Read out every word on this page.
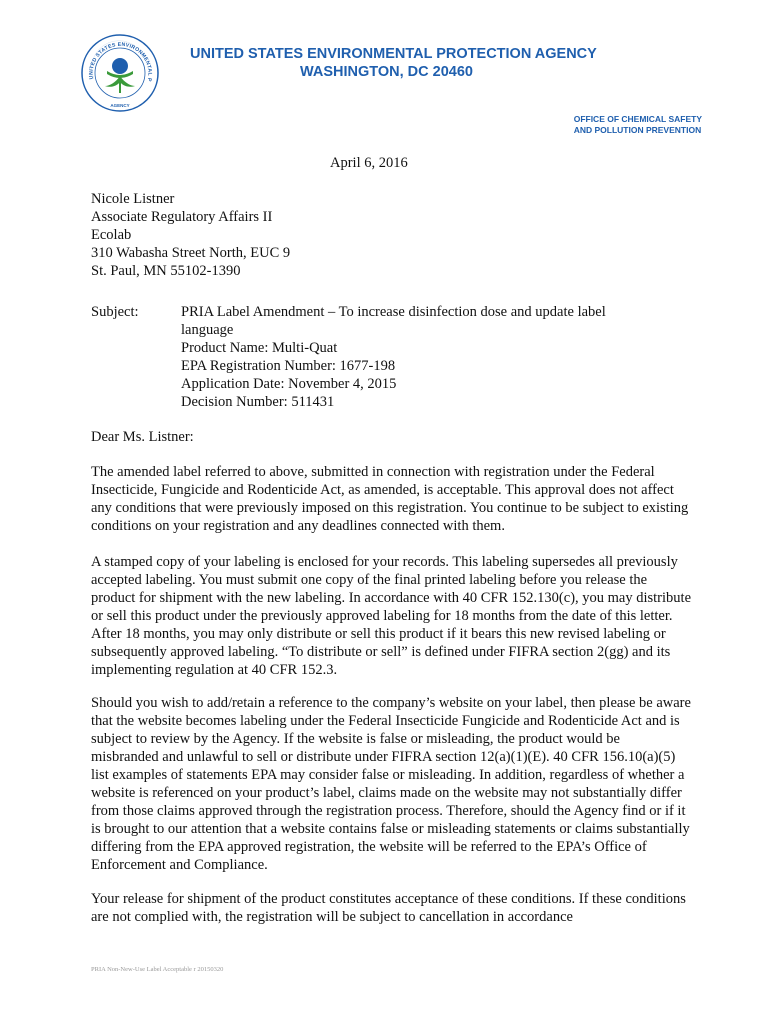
UNITED STATES ENVIRONMENTAL P
AGENCY
UNITED STATES ENVIRONMENTAL PROTECTION AGENCY
WASHINGTON, DC 20460
OFFICE OF CHEMICAL SAFETY
AND POLLUTION PREVENTION
April 6, 2016
Nicole Listner
Associate Regulatory Affairs II
Ecolab
310 Wabasha Street North, EUC 9
St. Paul, MN 55102-1390
Subject:	PRIA Label Amendment – To increase disinfection dose and update label
language
Product Name: Multi-Quat
EPA Registration Number: 1677-198
Application Date: November 4, 2015
Decision Number: 511431
Dear Ms. Listner:

The amended label referred to above, submitted in connection with registration under the Federal Insecticide, Fungicide and Rodenticide Act, as amended, is acceptable. This approval does not affect any conditions that were previously imposed on this registration. You continue to be subject to existing conditions on your registration and any deadlines connected with them.

A stamped copy of your labeling is enclosed for your records. This labeling supersedes all previously accepted labeling. You must submit one copy of the final printed labeling before you release the product for shipment with the new labeling. In accordance with 40 CFR 152.130(c), you may distribute or sell this product under the previously approved labeling for 18 months from the date of this letter. After 18 months, you may only distribute or sell this product if it bears this new revised labeling or subsequently approved labeling. “To distribute or sell” is defined under FIFRA section 2(gg) and its implementing regulation at 40 CFR 152.3.

Should you wish to add/retain a reference to the company’s website on your label, then please be aware that the website becomes labeling under the Federal Insecticide Fungicide and Rodenticide Act and is subject to review by the Agency. If the website is false or misleading, the product would be misbranded and unlawful to sell or distribute under FIFRA section 12(a)(1)(E). 40 CFR 156.10(a)(5) list examples of statements EPA may consider false or misleading. In addition, regardless of whether a website is referenced on your product’s label, claims made on the website may not substantially differ from those claims approved through the registration process. Therefore, should the Agency find or if it is brought to our attention that a website contains false or misleading statements or claims substantially differing from the EPA approved registration, the website will be referred to the EPA’s Office of Enforcement and Compliance.

Your release for shipment of the product constitutes acceptance of these conditions. If these conditions are not complied with, the registration will be subject to cancellation in accordance

PRIA Non-New-Use Label Acceptable r 20150320
